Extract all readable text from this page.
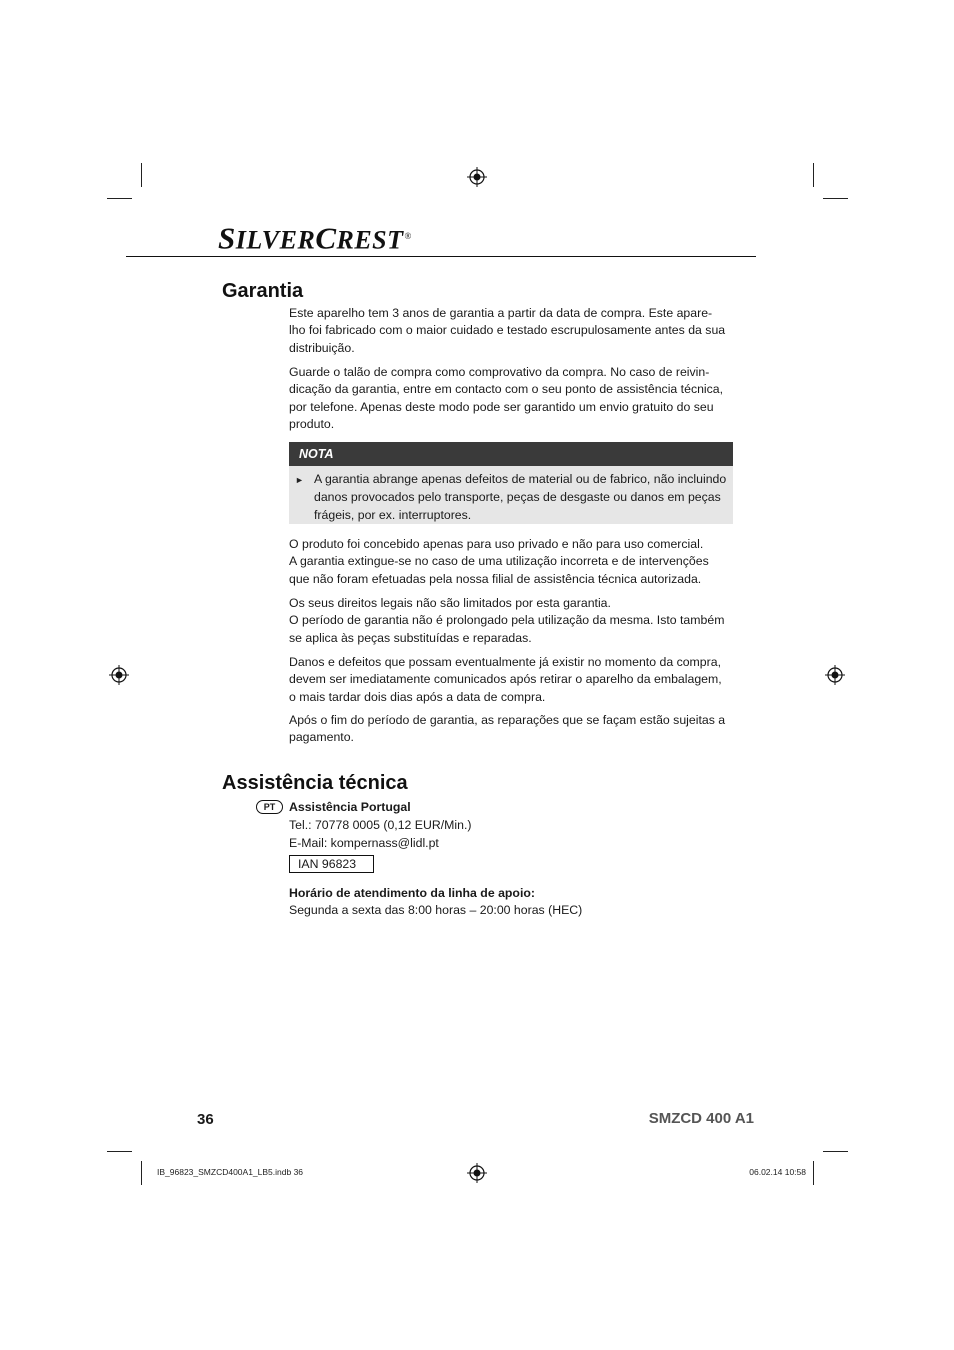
SILVERCREST®
Garantia

Este aparelho tem 3 anos de garantia a partir da data de compra. Este apare-
lho foi fabricado com o maior cuidado e testado escrupulosamente antes da sua
distribuição.

Guarde o talão de compra como comprovativo da compra. No caso de reivin-
dicação da garantia, entre em contacto com o seu ponto de assistência técnica,
por telefone. Apenas deste modo pode ser garantido um envio gratuito do seu
produto.

NOTA
► A garantia abrange apenas defeitos de material ou de fabrico, não incluindo
danos provocados pelo transporte, peças de desgaste ou danos em peças
frágeis, por ex. interruptores.

O produto foi concebido apenas para uso privado e não para uso comercial.
A garantia extingue-se no caso de uma utilização incorreta e de intervenções
que não foram efetuadas pela nossa filial de assistência técnica autorizada.

Os seus direitos legais não são limitados por esta garantia.
O período de garantia não é prolongado pela utilização da mesma. Isto também
se aplica às peças substituídas e reparadas.

Danos e defeitos que possam eventualmente já existir no momento da compra,
devem ser imediatamente comunicados após retirar o aparelho da embalagem,
o mais tardar dois dias após a data de compra.

Após o fim do período de garantia, as reparações que se façam estão sujeitas a
pagamento.

Assistência técnica
PT	Assistência Portugal
Tel.: 70778 0005 (0,12 EUR/Min.)
E-Mail: kompernass@lidl.pt
IAN 96823
Horário de atendimento da linha de apoio:
Segunda a sexta das 8:00 horas – 20:00 horas (HEC)
36	SMZCD 400 A1
IB_96823_SMZCD400A1_LB5.indb 36	06.02.14 10:58
